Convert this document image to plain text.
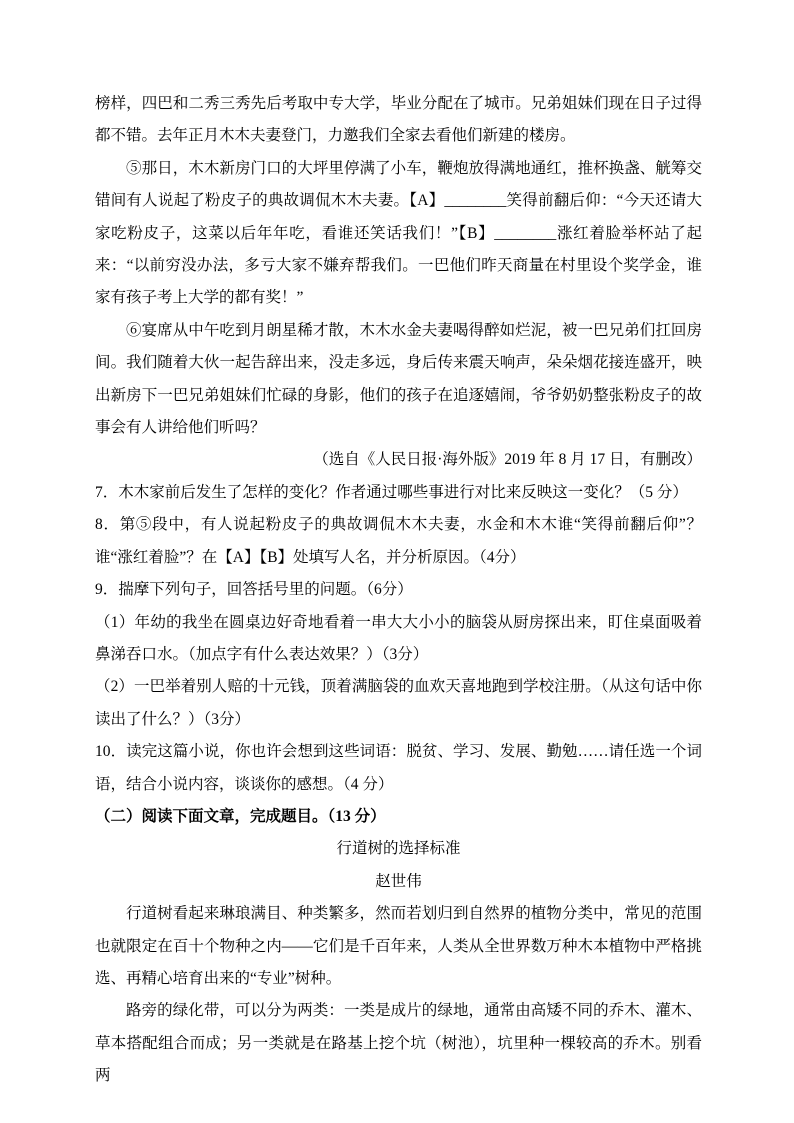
榜样，四巴和二秀三秀先后考取中专大学，毕业分配在了城市。兄弟姐妹们现在日子过得都不错。去年正月木木夫妻登门，力邀我们全家去看他们新建的楼房。

⑤那日，木木新房门口的大坪里停满了小车，鞭炮放得满地通红，推杯换盏、觥筹交错间有人说起了粉皮子的典故调侃木木夫妻。【A】________笑得前翻后仰：“今天还请大家吃粉皮子，这菜以后年年吃，看谁还笑话我们！”【B】________涨红着脸举杯站了起来：“以前穷没办法，多亏大家不嫌弃帮我们。一巴他们昨天商量在村里设个奖学金，谁家有孩子考上大学的都有奖！”

⑥宴席从中午吃到月朗星稀才散，木木水金夫妻喝得醉如烂泥，被一巴兄弟们扛回房间。我们随着大伙一起告辞出来，没走多远，身后传来震天响声，朵朵烟花接连盛开，映出新房下一巴兄弟姐妹们忙碌的身影，他们的孩子在追逐嬉闹，爷爷奶奶整张粉皮子的故事会有人讲给他们听吗？

（选自《人民日报·海外版》2019 年 8 月 17 日，有删改）

7．木木家前后发生了怎样的变化？作者通过哪些事进行对比来反映这一变化？（5 分）

8．第⑤段中，有人说起粉皮子的典故调侃木木夫妻，水金和木木谁“笑得前翻后仰”？谁“涨红着脸”？在【A】【B】处填写人名，并分析原因。（4分）

9．揣摩下列句子，回答括号里的问题。（6分）

（1）年幼的我坐在圆桌边好奇地看着一串大大小小的脑袋从厨房探出来，盯住桌面吸着鼻涕吞口水。（加点字有什么表达效果？）（3分）

（2）一巴举着别人赔的十元钱，顶着满脑袋的血欢天喜地跑到学校注册。（从这句话中你读出了什么？）（3分）

10．读完这篇小说，你也许会想到这些词语：脱贫、学习、发展、勤勉……请任选一个词语，结合小说内容，谈谈你的感想。（4 分）

（二）阅读下面文章，完成题目。（13 分）

行道树的选择标准

赵世伟

行道树看起来琳琅满目、种类繁多，然而若划归到自然界的植物分类中，常见的范围也就限定在百十个物种之内——它们是千百年来，人类从全世界数万种木本植物中严格挑选、再精心培育出来的“专业”树种。

路旁的绿化带，可以分为两类：一类是成片的绿地，通常由高矮不同的乔木、灌木、草本搭配组合而成；另一类就是在路基上挖个坑（树池），坑里种一棵较高的乔木。别看两
